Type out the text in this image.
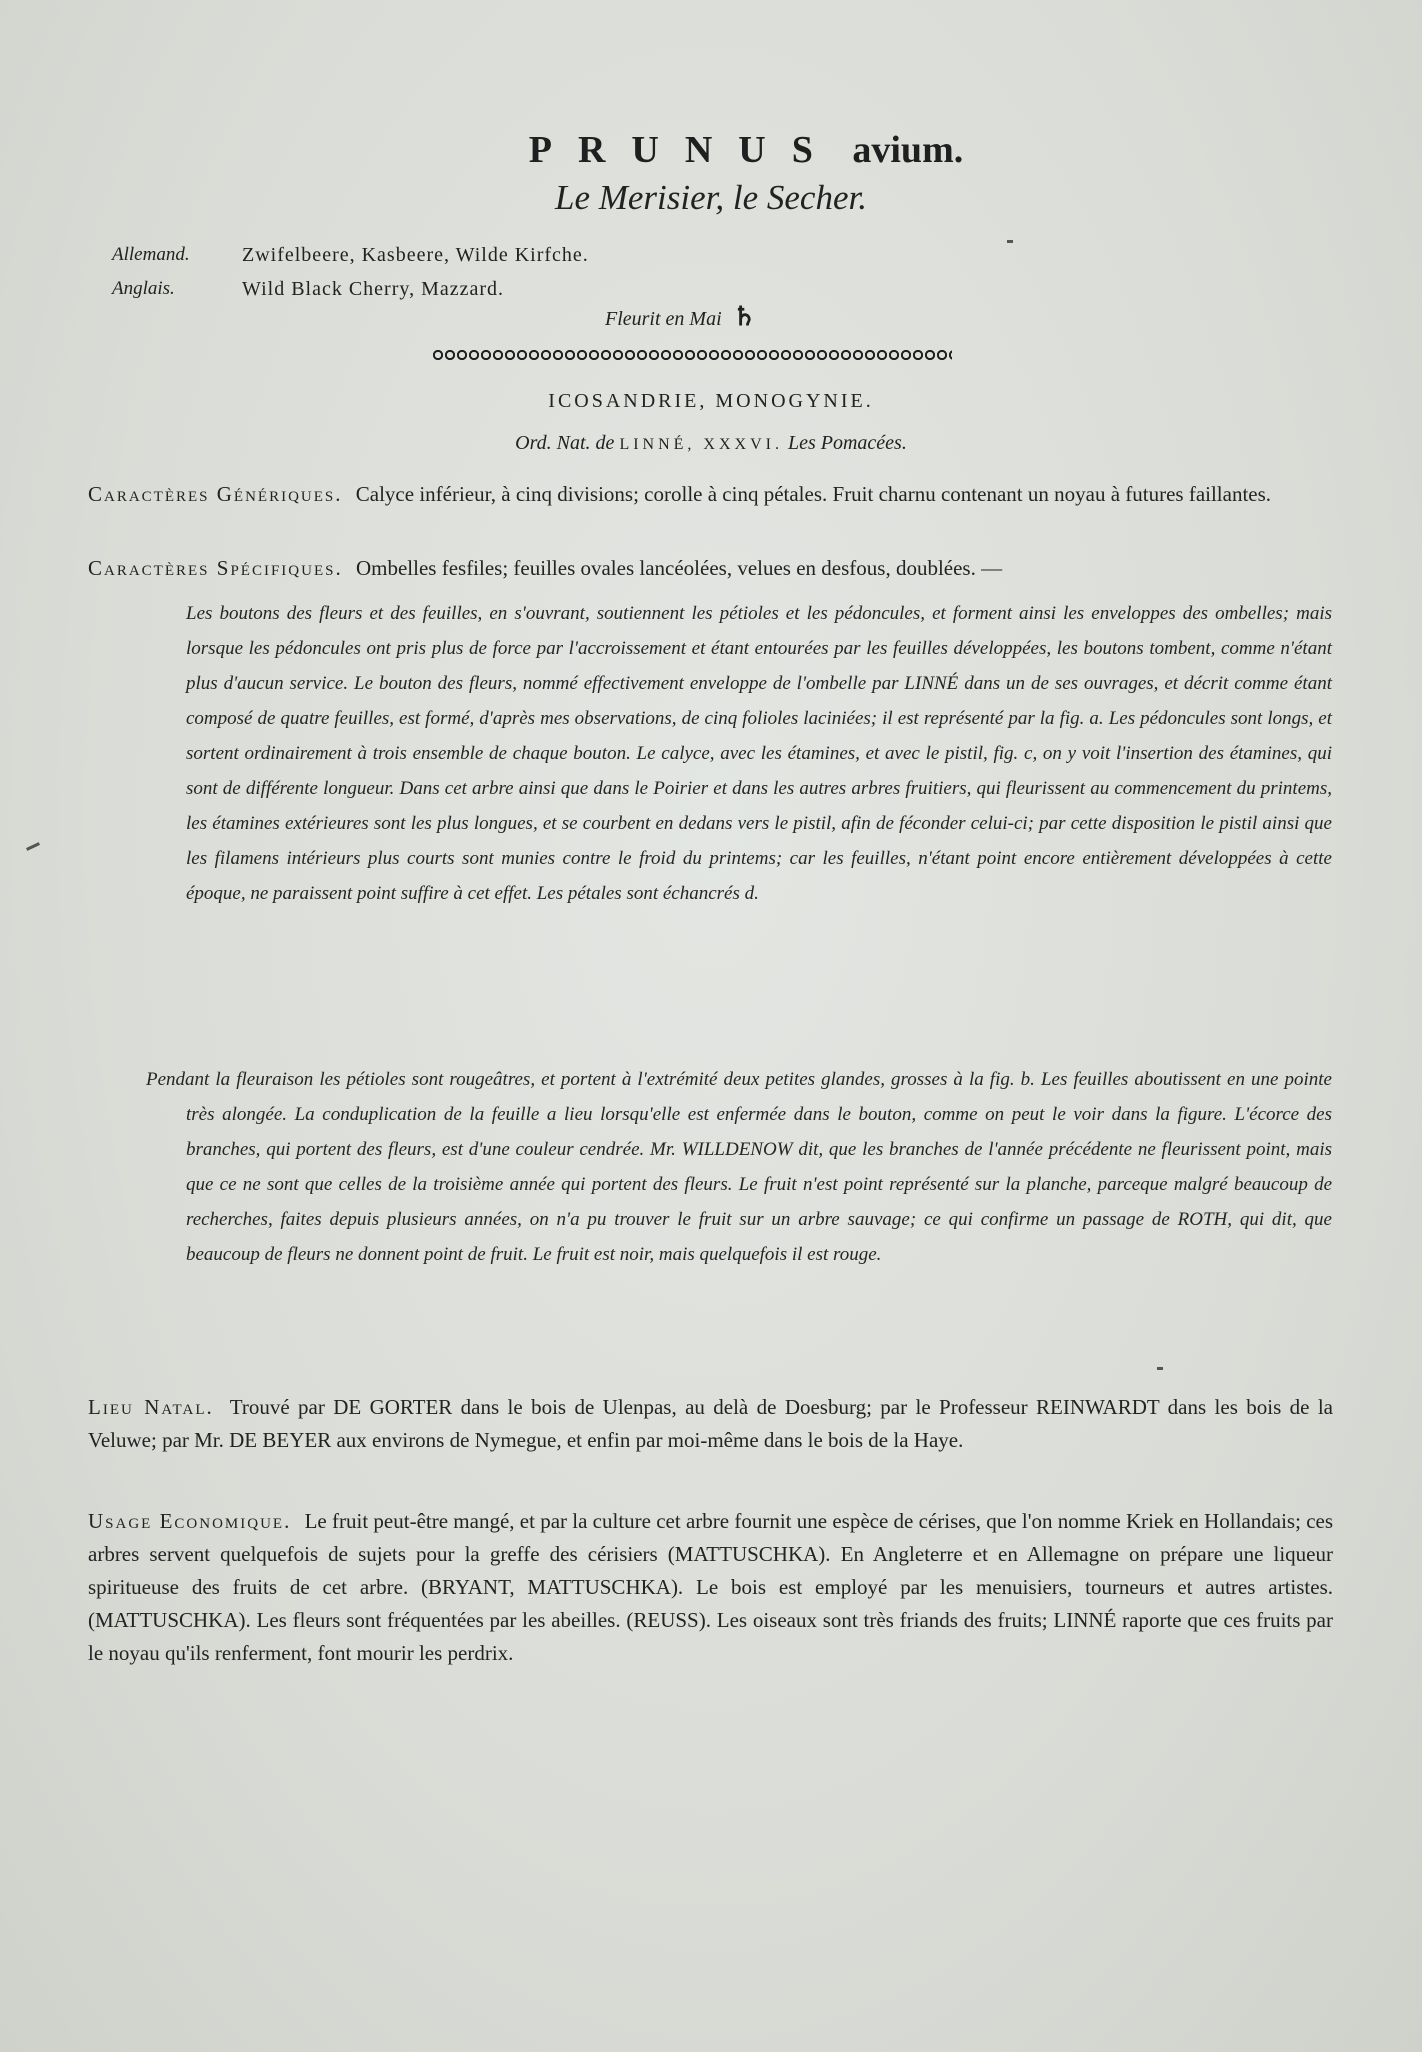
PRUNUS avium.
Le Merisier, le Secher.
Allemand.	Zwifelbeere, Kasbeere, Wilde Kirfche.
Anglais.	Wild Black Cherry, Mazzard.
Fleurit en Mai ♄
ICOSANDRIE, MONOGYNIE.
Ord. Nat. de LINNÉ, XXXVI. Les Pomacées.
Caractères Génériques. Calyce inférieur, à cinq divisions; corolle à cinq pétales. Fruit charnu contenant un noyau à futures faillantes.
Caractères Spécifiques. Ombelles fesfiles; feuilles ovales lancéolées, velues en desfous, doublées. —

Les boutons des fleurs et des feuilles, en s'ouvrant, soutiennent les pétioles et les pédoncules, et forment ainsi les enveloppes des ombelles; mais lorsque les pédoncules ont pris plus de force par l'accroissement et étant entourées par les feuilles développées, les boutons tombent, comme n'étant plus d'aucun service. Le bouton des fleurs, nommé effectivement enveloppe de l'ombelle par LINNÉ dans un de ses ouvrages, et décrit comme étant composé de quatre feuilles, est formé, d'après mes observations, de cinq folioles laciniées; il est représenté par la fig. a. Les pédoncules sont longs, et sortent ordinairement à trois ensemble de chaque bouton. Le calyce, avec les étamines, et avec le pistil, fig. c, on y voit l'insertion des étamines, qui sont de différente longueur. Dans cet arbre ainsi que dans le Poirier et dans les autres arbres fruitiers, qui fleurissent au commencement du printems, les étamines extérieures sont les plus longues, et se courbent en dedans vers le pistil, afin de féconder celui-ci; par cette disposition le pistil ainsi que les filamens intérieurs plus courts sont munies contre le froid du printems; car les feuilles, n'étant point encore entièrement développées à cette époque, ne paraissent point suffire à cet effet. Les pétales sont échancrés d.

Pendant la fleuraison les pétioles sont rougeâtres, et portent à l'extrémité deux petites glandes, grosses à la fig. b. Les feuilles aboutissent en une pointe très alongée. La conduplication de la feuille a lieu lorsqu'elle est enfermée dans le bouton, comme on peut le voir dans la figure. L'écorce des branches, qui portent des fleurs, est d'une couleur cendrée. Mr. WILLDENOW dit, que les branches de l'année précédente ne fleurissent point, mais que ce ne sont que celles de la troisième année qui portent des fleurs. Le fruit n'est point représenté sur la planche, parceque malgré beaucoup de recherches, faites depuis plusieurs années, on n'a pu trouver le fruit sur un arbre sauvage; ce qui confirme un passage de ROTH, qui dit, que beaucoup de fleurs ne donnent point de fruit. Le fruit est noir, mais quelquefois il est rouge.

Lieu Natal. Trouvé par DE GORTER dans le bois de Ulenpas, au delà de Doesburg; par le Professeur REINWARDT dans les bois de la Veluwe; par Mr. DE BEYER aux environs de Nymegue, et enfin par moi-même dans le bois de la Haye.
Usage Economique. Le fruit peut-être mangé, et par la culture cet arbre fournit une espèce de cérises, que l'on nomme Kriek en Hollandais; ces arbres servent quelquefois de sujets pour la greffe des cérisiers (MATTUSCHKA). En Angleterre et en Allemagne on prépare une liqueur spiritueuse des fruits de cet arbre. (BRYANT, MATTUSCHKA). Le bois est employé par les menuisiers, tourneurs et autres artistes. (MATTUSCHKA). Les fleurs sont fréquentées par les abeilles. (REUSS). Les oiseaux sont très friands des fruits; LINNÉ raporte que ces fruits par le noyau qu'ils renferment, font mourir les perdrix.
